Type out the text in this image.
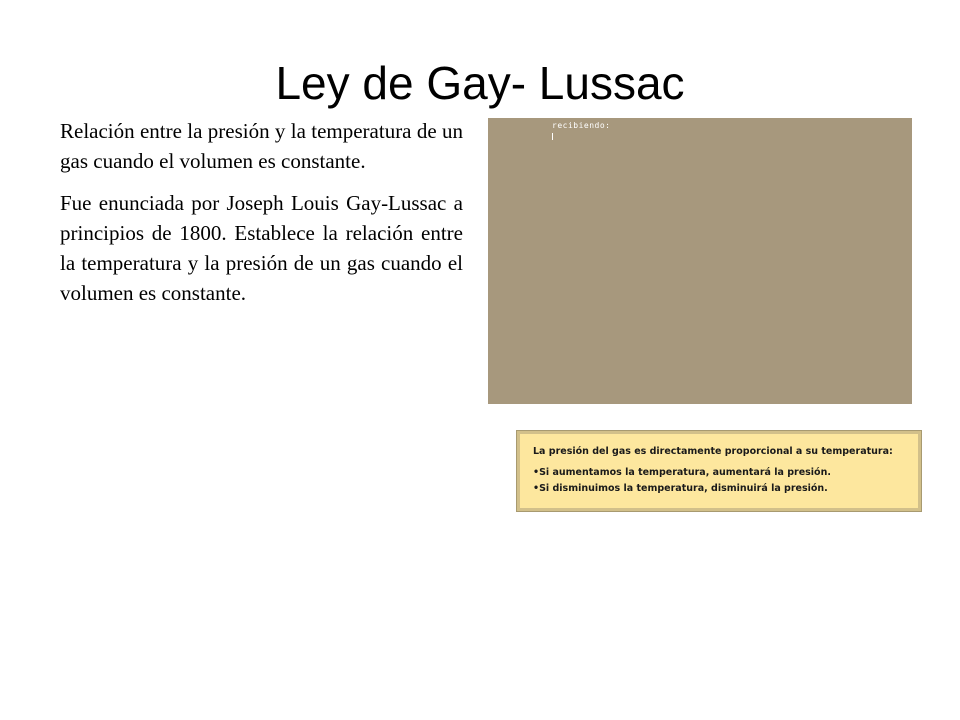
Ley de Gay- Lussac

Relación entre la presión y la temperatura de un gas cuando el volumen es constante.

Fue enunciada por Joseph Louis Gay-Lussac a principios de 1800. Establece la relación entre la temperatura y la presión de un gas cuando el volumen es constante.

recibiendo:
La presión del gas es directamente proporcional a su temperatura:
•Si aumentamos la temperatura, aumentará la presión.
•Si disminuimos la temperatura, disminuirá la presión.
